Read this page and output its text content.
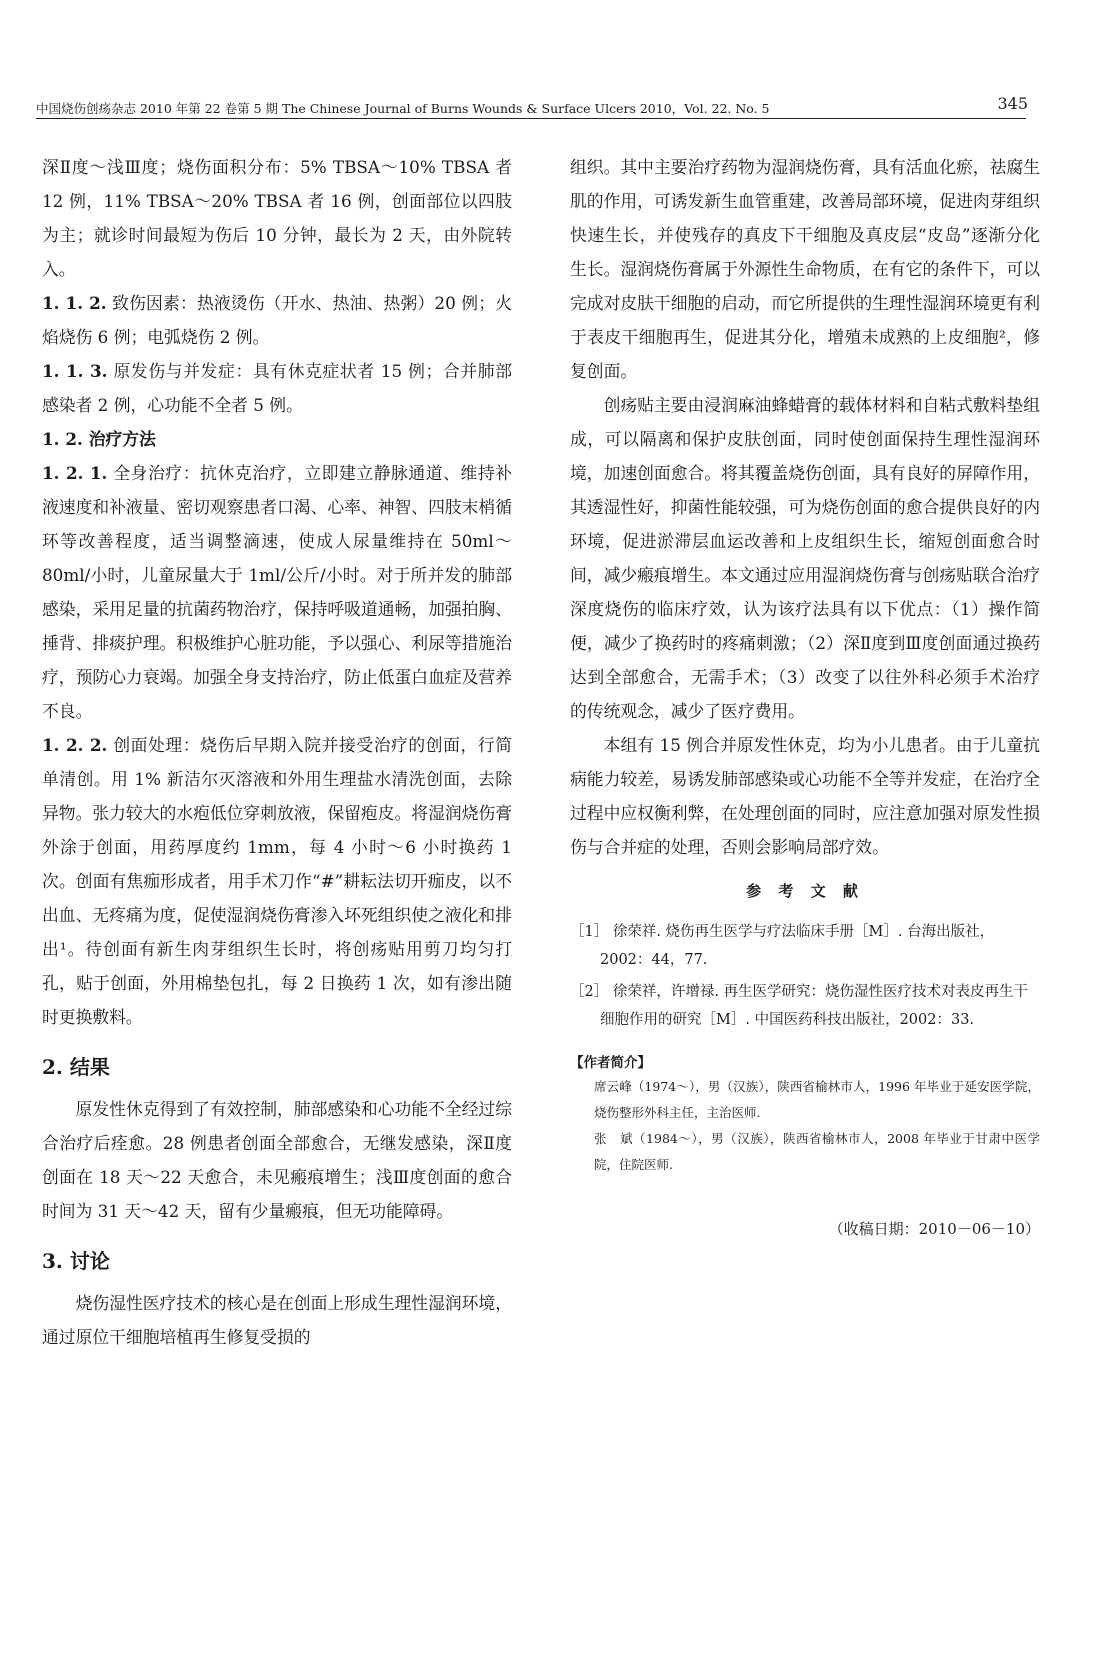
中国烧伤创疡杂志 2010 年第 22 卷第 5 期 The Chinese Journal of Burns Wounds & Surface Ulcers 2010，Vol. 22. No. 5	345

深Ⅱ度～浅Ⅲ度；烧伤面积分布：5% TBSA～10% TBSA 者 12 例，11% TBSA～20% TBSA 者 16 例，创面部位以四肢为主；就诊时间最短为伤后 10 分钟，最长为 2 天，由外院转入。

1. 1. 2. 致伤因素：热液烫伤（开水、热油、热粥）20 例；火焰烧伤 6 例；电弧烧伤 2 例。

1. 1. 3. 原发伤与并发症：具有休克症状者 15 例；合并肺部感染者 2 例，心功能不全者 5 例。

1. 2. 治疗方法

1. 2. 1. 全身治疗：抗休克治疗，立即建立静脉通道、维持补液速度和补液量、密切观察患者口渴、心率、神智、四肢末梢循环等改善程度，适当调整滴速，使成人尿量维持在 50ml～80ml/小时，儿童尿量大于 1ml/公斤/小时。对于所并发的肺部感染，采用足量的抗菌药物治疗，保持呼吸道通畅，加强拍胸、捶背、排痰护理。积极维护心脏功能，予以强心、利尿等措施治疗，预防心力衰竭。加强全身支持治疗，防止低蛋白血症及营养不良。

1. 2. 2. 创面处理：烧伤后早期入院并接受治疗的创面，行简单清创。用 1% 新洁尔灭溶液和外用生理盐水清洗创面，去除异物。张力较大的水疱低位穿刺放液，保留疱皮。将湿润烧伤膏外涂于创面，用药厚度约 1mm，每 4 小时～6 小时换药 1 次。创面有焦痂形成者，用手术刀作“#”耕耘法切开痂皮，以不出血、无疼痛为度，促使湿润烧伤膏渗入坏死组织使之液化和排出¹。待创面有新生肉芽组织生长时，将创疡贴用剪刀均匀打孔，贴于创面，外用棉垫包扎，每 2 日换药 1 次，如有渗出随时更换敷料。

2. 结果

原发性休克得到了有效控制，肺部感染和心功能不全经过综合治疗后痊愈。28 例患者创面全部愈合，无继发感染，深Ⅱ度创面在 18 天～22 天愈合，未见瘢痕增生；浅Ⅲ度创面的愈合时间为 31 天～42 天，留有少量瘢痕，但无功能障碍。

3. 讨论

烧伤湿性医疗技术的核心是在创面上形成生理性湿润环境，通过原位干细胞培植再生修复受损的

组织。其中主要治疗药物为湿润烧伤膏，具有活血化瘀，祛腐生肌的作用，可诱发新生血管重建，改善局部环境，促进肉芽组织快速生长，并使残存的真皮下干细胞及真皮层“皮岛”逐渐分化生长。湿润烧伤膏属于外源性生命物质，在有它的条件下，可以完成对皮肤干细胞的启动，而它所提供的生理性湿润环境更有利于表皮干细胞再生，促进其分化，增殖未成熟的上皮细胞²，修复创面。

创疡贴主要由浸润麻油蜂蜡膏的载体材料和自粘式敷料垫组成，可以隔离和保护皮肤创面，同时使创面保持生理性湿润环境，加速创面愈合。将其覆盖烧伤创面，具有良好的屏障作用，其透湿性好，抑菌性能较强，可为烧伤创面的愈合提供良好的内环境，促进淤滞层血运改善和上皮组织生长，缩短创面愈合时间，减少瘢痕增生。本文通过应用湿润烧伤膏与创疡贴联合治疗深度烧伤的临床疗效，认为该疗法具有以下优点：（1）操作简便，减少了换药时的疼痛刺激；（2）深Ⅱ度到Ⅲ度创面通过换药达到全部愈合，无需手术；（3）改变了以往外科必须手术治疗的传统观念，减少了医疗费用。

本组有 15 例合并原发性休克，均为小儿患者。由于儿童抗病能力较差，易诱发肺部感染或心功能不全等并发症，在治疗全过程中应权衡利弊，在处理创面的同时，应注意加强对原发性损伤与合并症的处理，否则会影响局部疗效。

参 考 文 献

［1］ 徐荣祥. 烧伤再生医学与疗法临床手册［M］. 台海出版社，2002：44，77.

［2］ 徐荣祥，许增禄. 再生医学研究：烧伤湿性医疗技术对表皮再生干细胞作用的研究［M］. 中国医药科技出版社，2002：33.

【作者简介】

席云峰（1974～），男（汉族），陕西省榆林市人，1996 年毕业于延安医学院，烧伤整形外科主任，主治医师.

张　斌（1984～），男（汉族），陕西省榆林市人，2008 年毕业于甘肃中医学院，住院医师.

（收稿日期：2010－06－10）
